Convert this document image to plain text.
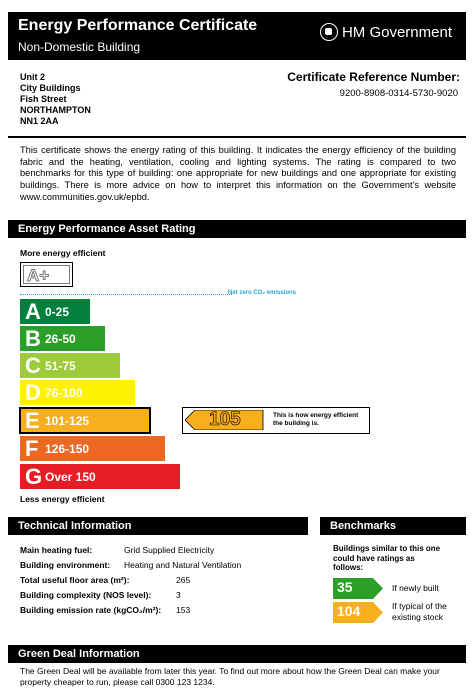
Energy Performance Certificate
Non-Domestic Building
HM Government
Unit 2
City Buildings
Fish Street
NORTHAMPTON
NN1 2AA
Certificate Reference Number:
9200-8908-0314-5730-9020
This certificate shows the energy rating of this building. It indicates the energy efficiency of the building fabric and the heating, ventilation, cooling and lighting systems. The rating is compared to two benchmarks for this type of building: one appropriate for new buildings and one appropriate for existing buildings. There is more advice on how to interpret this information on the Government's website www.communities.gov.uk/epbd.
Energy Performance Asset Rating
More energy efficient
A+
Net zero CO₂ emissions
A 0-25
B 26-50
C 51-75
D 76-100
E 101-125
F 126-150
G Over 150
105	This is how energy efficient the building is.
Less energy efficient
Technical Information
Main heating fuel:	Grid Supplied Electricity
Building environment: Heating and Natural Ventilation
Total useful floor area (m²):	265
Building complexity (NOS level):	3
Building emission rate (kgCO₂/m²): 153
Benchmarks
Buildings similar to this one could have ratings as follows:
35	If newly built
104	If typical of the existing stock
Green Deal Information
The Green Deal will be available from later this year. To find out more about how the Green Deal can make your property cheaper to run, please call 0300 123 1234.
